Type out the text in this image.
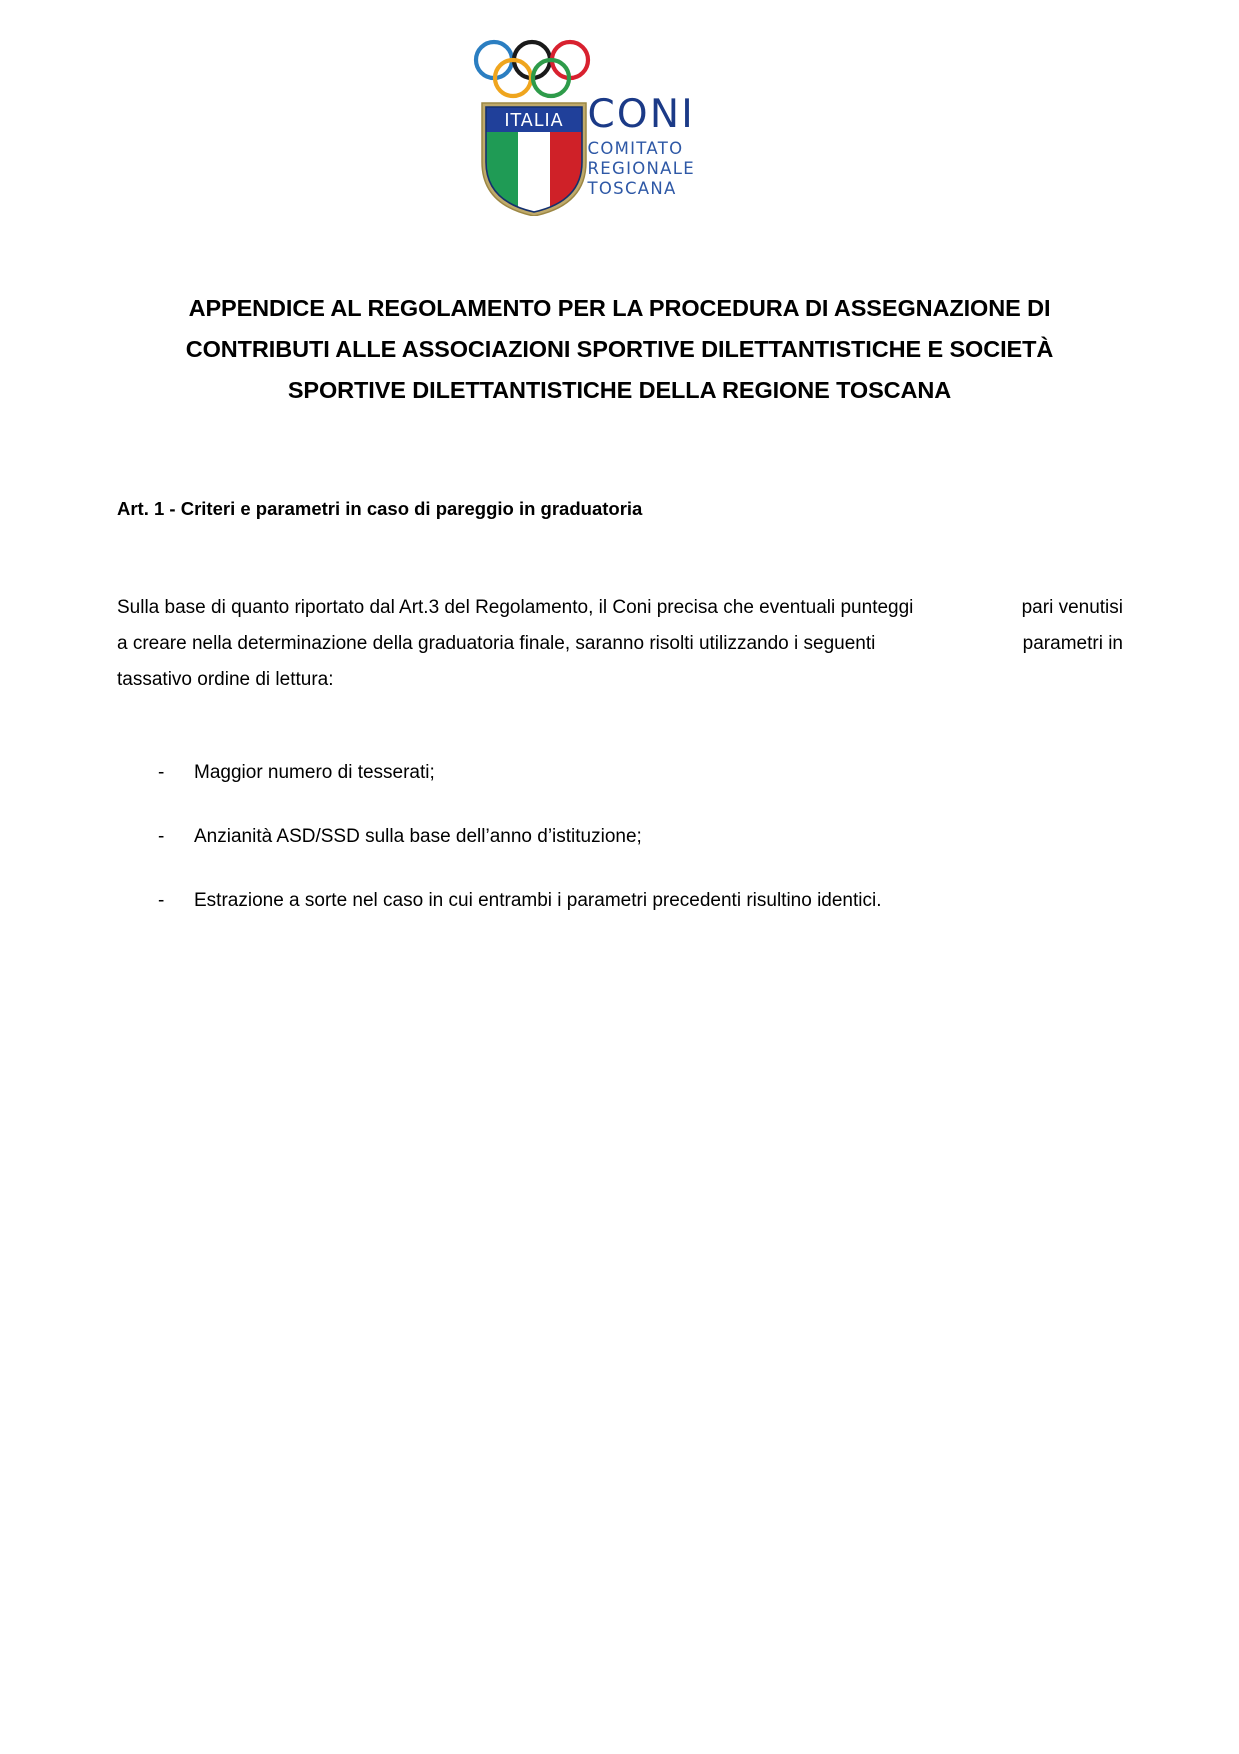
ITALIA CONI
COMITATO
REGIONALE
TOSCANA
APPENDICE AL REGOLAMENTO PER LA PROCEDURA DI ASSEGNAZIONE DI
CONTRIBUTI ALLE ASSOCIAZIONI SPORTIVE DILETTANTISTICHE E SOCIETÀ
SPORTIVE DILETTANTISTICHE DELLA REGIONE TOSCANA
Art. 1 - Criteri e parametri in caso di pareggio in graduatoria
Sulla base di quanto riportato dal Art.3 del Regolamento, il Coni precisa che eventuali punteggi	pari venutisi
a creare nella determinazione della graduatoria finale, saranno risolti utilizzando i seguenti	parametri in
tassativo ordine di lettura:
-	Maggior numero di tesserati;
-	Anzianità ASD/SSD sulla base dell’anno d’istituzione;
-	Estrazione a sorte nel caso in cui entrambi i parametri precedenti risultino identici.
